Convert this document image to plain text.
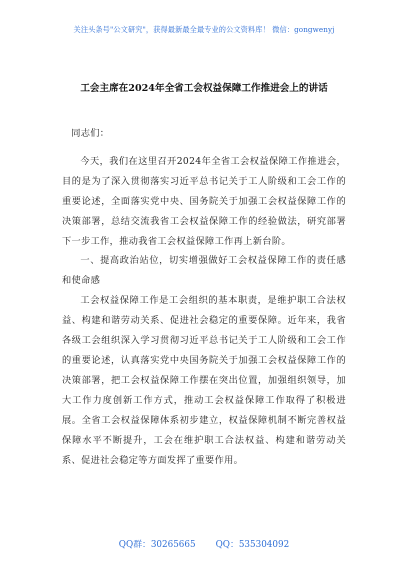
关注头条号"公文研究"，获得最新最全最专业的公文资料库！ 微信：gongwenyj
工会主席在2024年全省工会权益保障工作推进会上的讲话

同志们：

今天，我们在这里召开2024年全省工会权益保障工作推进会，目的是为了深入贯彻落实习近平总书记关于工人阶级和工会工作的重要论述，全面落实党中央、国务院关于加强工会权益保障工作的决策部署，总结交流我省工会权益保障工作的经验做法，研究部署下一步工作，推动我省工会权益保障工作再上新台阶。

一、提高政治站位，切实增强做好工会权益保障工作的责任感和使命感

工会权益保障工作是工会组织的基本职责，是维护职工合法权益、构建和谐劳动关系、促进社会稳定的重要保障。近年来，我省各级工会组织深入学习贯彻习近平总书记关于工人阶级和工会工作的重要论述，认真落实党中央国务院关于加强工会权益保障工作的决策部署，把工会权益保障工作摆在突出位置，加强组织领导，加大工作力度创新工作方式，推动工会权益保障工作取得了积极进展。全省工会权益保障体系初步建立，权益保障机制不断完善权益保障水平不断提升，工会在维护职工合法权益、构建和谐劳动关系、促进社会稳定等方面发挥了重要作用。

QQ群：30265665 QQ：535304092
